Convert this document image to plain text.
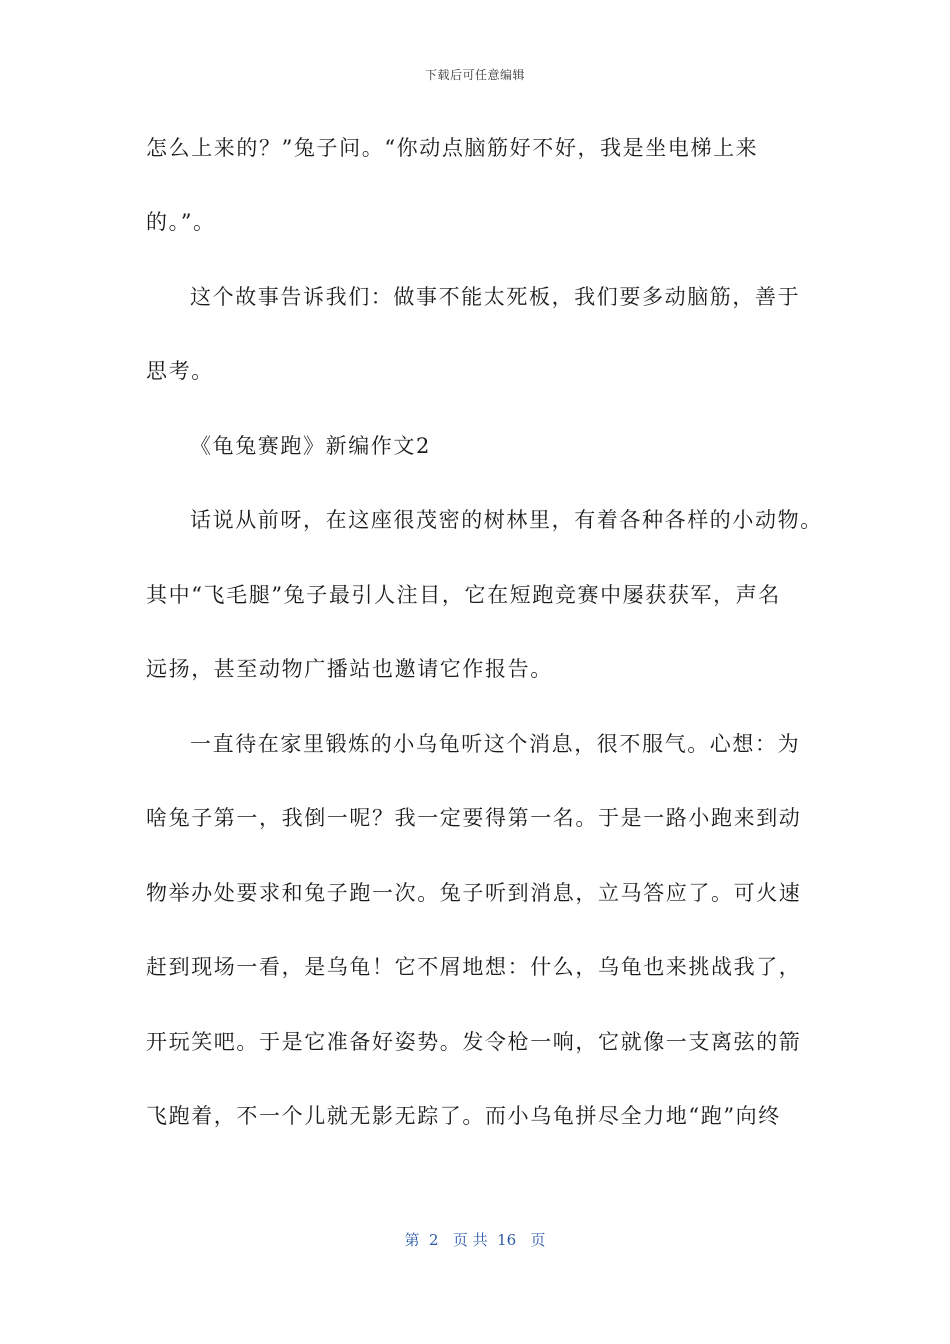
下载后可任意编辑
怎么上来的？”兔子问。“你动点脑筋好不好，我是坐电梯上来
的。”。
这个故事告诉我们：做事不能太死板，我们要多动脑筋，善于
思考。
《龟兔赛跑》新编作文2
话说从前呀，在这座很茂密的树林里，有着各种各样的小动物。
其中“飞毛腿”兔子最引人注目，它在短跑竞赛中屡获获军，声名
远扬，甚至动物广播站也邀请它作报告。
一直待在家里锻炼的小乌龟听这个消息，很不服气。心想：为
啥兔子第一，我倒一呢？我一定要得第一名。于是一路小跑来到动
物举办处要求和兔子跑一次。兔子听到消息，立马答应了。可火速
赶到现场一看，是乌龟！它不屑地想：什么，乌龟也来挑战我了，
开玩笑吧。于是它准备好姿势。发令枪一响，它就像一支离弦的箭
飞跑着，不一个儿就无影无踪了。而小乌龟拼尽全力地“跑”向终
第  2   页 共  16   页
